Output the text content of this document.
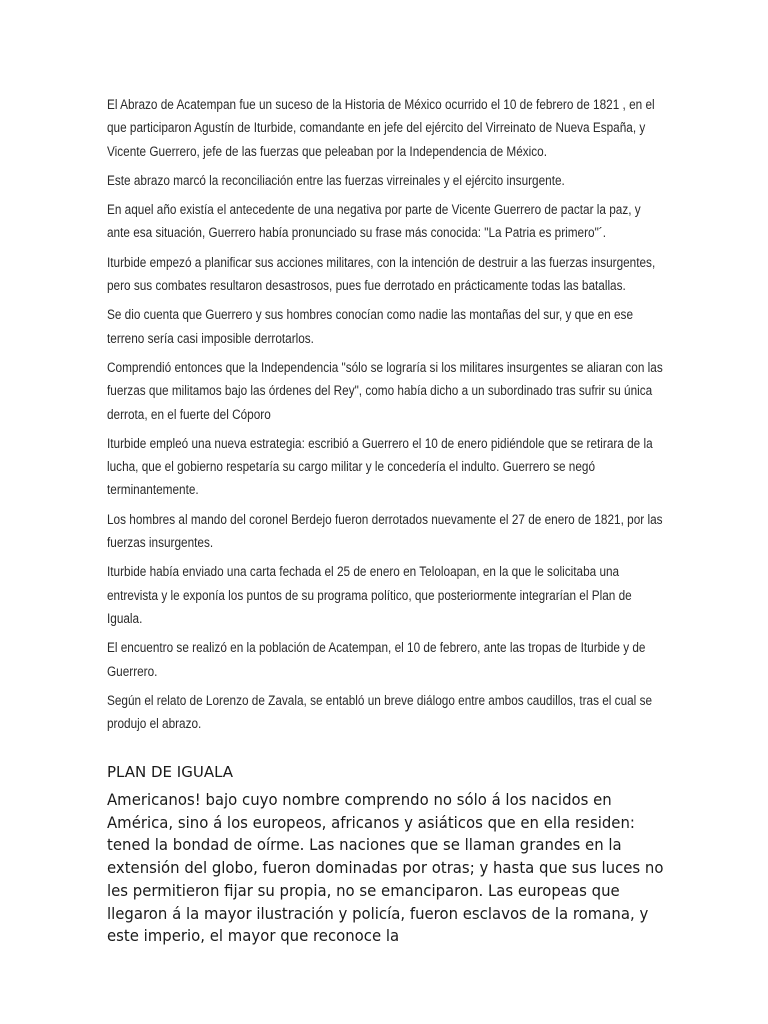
El Abrazo de Acatempan fue un suceso de la Historia de México ocurrido el 10 de febrero de 1821 , en el que participaron Agustín de Iturbide, comandante en jefe del ejército del Virreinato de Nueva España, y Vicente Guerrero, jefe de las fuerzas que peleaban por la Independencia de México.

Este abrazo marcó la reconciliación entre las fuerzas virreinales y el ejército insurgente.

En aquel año existía el antecedente de una negativa por parte de Vicente Guerrero de pactar la paz, y ante esa situación, Guerrero había pronunciado su frase más conocida: "La Patria es primero"´.

Iturbide empezó a planificar sus acciones militares, con la intención de destruir a las fuerzas insurgentes, pero sus combates resultaron desastrosos, pues fue derrotado en prácticamente todas las batallas.

Se dio cuenta que Guerrero y sus hombres conocían como nadie las montañas del sur, y que en ese terreno sería casi imposible derrotarlos.

Comprendió entonces que la Independencia "sólo se lograría si los militares insurgentes se aliaran con las fuerzas que militamos bajo las órdenes del Rey", como había dicho a un subordinado tras sufrir su única derrota, en el fuerte del Cóporo

Iturbide empleó una nueva estrategia: escribió a Guerrero el 10 de enero pidiéndole que se retirara de la lucha, que el gobierno respetaría su cargo militar y le concedería el indulto. Guerrero se negó terminantemente.

Los hombres al mando del coronel Berdejo fueron derrotados nuevamente el 27 de enero de 1821, por las fuerzas insurgentes.

Iturbide había enviado una carta fechada el 25 de enero en Teloloapan, en la que le solicitaba una entrevista y le exponía los puntos de su programa político, que posteriormente integrarían el Plan de Iguala.

El encuentro se realizó en la población de Acatempan, el 10 de febrero, ante las tropas de Iturbide y de Guerrero.

Según el relato de Lorenzo de Zavala, se entabló un breve diálogo entre ambos caudillos, tras el cual se produjo el abrazo.

PLAN DE IGUALA

Americanos! bajo cuyo nombre comprendo no sólo á los nacidos en América, sino á los europeos, africanos y asiáticos que en ella residen: tened la bondad de oírme. Las naciones que se llaman grandes en la extensión del globo, fueron dominadas por otras; y hasta que sus luces no les permitieron fijar su propia, no se emanciparon. Las europeas que llegaron á la mayor ilustración y policía, fueron esclavos de la romana, y este imperio, el mayor que reconoce la
